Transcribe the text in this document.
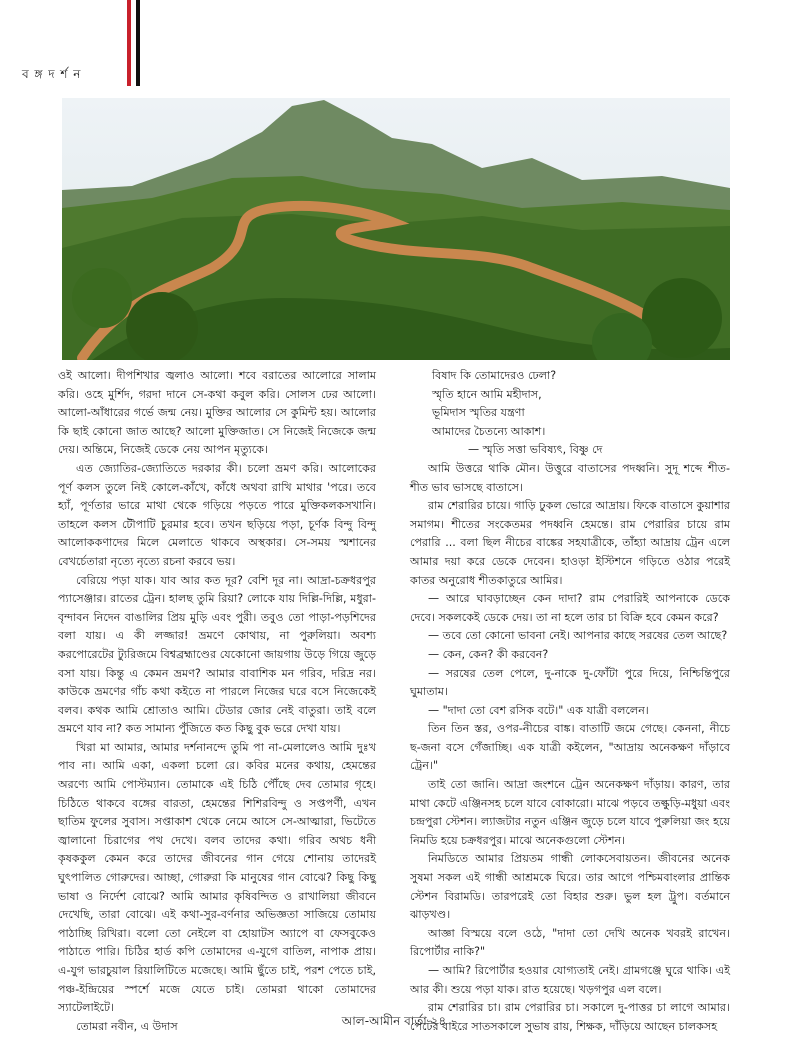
ব ঙ্গ দ র্শ ন

ওই আলো। দীপশিখার জ্বলাও আলো। শবে বরাতের আলোরে সালাম করি। ওহে মুর্শিদ, গরদা দানে সে-কথা কবুল করি। সোলস ঢের আলো। আলো-আঁধারের গর্ভে জন্ম নেয়। মুক্তির আলোর সে কুমিন্ট হয়। আলোর কি ছাই কোনো জাত আছে? আলো মুক্তিজাত। সে নিজেই নিজেকে জন্ম দেয়। অন্তিমে, নিজেই ডেকে নেয় আপন মৃত্যুকে।

এত জ্যোতির-জ্যোতিতে দরকার কী। চলো ভ্রমণ করি। আলোকের পূর্ণ কলস তুলে নিই কোলে-কাঁখে, কাঁধে অথবা রাখি মাথার 'পরে। তবে হ্যাঁ, পূর্ণতার ভারে মাথা থেকে গড়িয়ে পড়তে পারে মুক্তিকলকসখানি। তাহলে কলস টৌপাটি চুরমার হবে। তখন ছড়িয়ে পড়া, চূর্ণক বিন্দু বিন্দু আলোককণাদের মিলে মেলাতে থাকবে অস্থকার। সে-সময় স্মশানের বেখর্চেতারা নৃত্যে নৃত্যে রচনা করবে ভয়।

বেরিয়ে পড়া যাক। যাব আর কত দূর? বেশি দূর না। আদ্রা-চক্রধরপুর প্যাসেঞ্জার। রাতের ট্রেন। হালছ তুমি রিয়া? লোকে যায় দিল্লি-দিল্লি, মধুরা-বৃন্দাবন নিদেন বাঙালির প্রিয় মুড়ি এবং পুরী। তবুও তো পাড়া-পড়শিদের বলা যায়। এ কী লজ্জার! ভ্রমণে কোথায়, না পুরুলিয়া। অবশ্য করপোরেটের ট্যুরিজমে বিশ্বব্রহ্মাণ্ডের যেকোনো জায়গায় উড়ে গিয়ে জুড়ে বসা যায়। কিন্তু এ কেমন ভ্রমণ? আমার বাবাশিক মন গরিব, দরিদ্র নর। কাউকে ভ্রমণের গাঁচ কথা কইতে না পারলে নিজের ঘরে বসে নিজেকেই বলব। কথক আমি শ্রোতাও আমি। টেডার জোর নেই বাতুরা। তাই বলে ভ্রমণে যাব না? কত সামান্য পুঁজিতে কত কিছু বুক ভরে দেখা যায়।

খিরা মা আমার, আমার দর্শনানন্দে তুমি পা না-মেলালেও আমি দুঃখ পাব না। আমি একা, একলা চলো রে। কবির মনের কথায়, হেমন্তের অরণ্যে আমি পোস্টম্যান। তোমাকে এই চিঠি পৌঁছে দেব তোমার গৃহে। চিঠিতে থাকবে বঙ্গের বারতা, হেমন্তের শিশিরবিন্দু ও সপ্তপর্ণী, এখন ছাতিম ফুলের সুবাস। সপ্তাকাশ থেকে নেমে আসে সে-আত্মারা, ভিটেতে জ্বালানো চিরাগের পথ দেখে। বলব তাদের কথা। গরিব অথচ ধনী কৃষককুল কেমন করে তাদের জীবনের গান গেয়ে শোনায় তাদেরই ঘুৎপালিত গোরুদের। আচ্ছা, গোরুরা কি মানুষের গান বোঝে? কিছু কিছু ভাষা ও নির্দেশ বোঝে? আমি আমার কৃষিবন্দিত ও রাখালিয়া জীবনে দেখেছি, তারা বোঝে। এই কথা-সুর-বর্ণনার অভিজ্ঞতা সাজিয়ে তোমায় পাঠাচ্ছি রিখিরা। বলো তো নেইলে বা হোয়াটস অ্যাপে বা ফেসবুকেও পাঠাতে পারি। চিঠির হার্ড কপি তোমাদের এ-যুগে বাতিল, নাপাক প্রায়। এ-যুগ ভারচুয়াল রিয়ালিটিতে মজেছে। আমি ছুঁতে চাই, পরশ পেতে চাই, পঞ্চ-ইন্দ্রিয়ের স্পর্শে মজে যেতে চাই। তোমরা থাকো তোমাদের স্যাটেলাইটে।

তোমরা নবীন, এ উদাস

বিষাদ কি তোমাদেরও ঢেলা?

স্মৃতি হানে আমি মহীদাস,

ভূমিদাস স্মৃতির যন্ত্রণা

আমাদের চৈতন্যে আকাশ।

— স্মৃতি সত্তা ভবিষ্যৎ, বিষ্ণু দে

আমি উত্তরে থাকি মৌন। উত্তুরে বাতাসের পদধ্বনি। সুদূ শব্দে শীত-শীত ভাব ভাসছে বাতাসে।

রাম শেরারির চায়ে। গাড়ি ঢুকল ভোরে আদ্রায়। ফিকে বাতাসে কুয়াশার সমাগম। শীতের সংকেতমর পদধ্বনি হেমন্তে। রাম পেরারির চায়ে রাম পেরারি ... বলা ছিল নীচের বাঙ্কের সহযাত্রীকে, তাঁহ্যা আদ্রায় ট্রেন এলে আমার দয়া করে ডেকে দেবেন। হাওড়া ইস্টিশনে গড়িতে ওঠার পরেই কাতর অনুরোধ শীতকাতুরে আমির।

— আরে ঘাবড়াচ্ছেন কেন দাদা? রাম পেরারিই আপনাকে ডেকে দেবে। সকলকেই ডেকে দেয়। তা না হলে তার চা বিক্রি হবে কেমন করে?

— তবে তো কোনো ভাবনা নেই। আপনার কাছে সরষের তেল আছে?

— কেন, কেন? কী করবেন?

— সরষের তেল পেলে, দু-নাকে দু-ফোঁটা পুরে দিয়ে, নিশ্চিন্তিপুরে ঘুমাতাম।

— "দাদা তো বেশ রসিক বটে।" এক যাত্রী বললেন।

তিন তিন স্তর, ওপর-নীচের বাঙ্ক। বাতাটি জমে গেছে। কেননা, নীচে ছ-জনা বসে গেঁজাচ্ছি। এক যাত্রী কইলেন, "আদ্রায় অনেকক্ষণ দাঁড়াবে ট্রেন।"

তাই তো জানি। আদ্রা জংশনে ট্রেন অনেকক্ষণ দাঁড়ায়। কারণ, তার মাথা কেটে এঞ্জিনসহ চলে যাবে বোকারো। মাঝে পড়বে তল্কুড়ি-মধুয়া এবং চন্দ্রপুরা স্টেশন। ল্যাজটার নতুন এঞ্জিন জুড়ে চলে যাবে পুরুলিয়া জং হয়ে নিমডি হয়ে চক্রধরপুর। মাঝে অনেকগুলো স্টেশন।

নিমডিতে আমার প্রিয়তম গান্ধী লোকসেবায়তন। জীবনের অনেক সুষমা সকল এই গান্ধী আশ্রমকে ঘিরে। তার আগে পশ্চিমবাংলার প্রান্তিক স্টেশন বিরামডি। তারপরেই তো বিহার শুরু। ভুল হল ট্রুপ। বর্তমানে ঝাড়খণ্ড।

আজ্ঞা বিস্ময়ে বলে ওঠে, "দাদা তো দেখি অনেক খবরই রাখেন। রিপোর্টার নাকি?"

— আমি? রিপোর্টার হওয়ার যোগ্যতাই নেই। গ্রামগঞ্জে ঘুরে থাকি। এই আর কী। শুয়ে পড়া যাক। রাত হয়েছে। খড়গপুর এল বলে।

রাম শেরারির চা। রাম পেরারির চা। সকালে দু-পাত্তর চা লাগে আমার। পেটের বাইরে সাতসকালে সুভাষ রায়, শিক্ষক, দাঁড়িয়ে আছেন চালকসহ

আল-আমীন বার্তা ২৪
